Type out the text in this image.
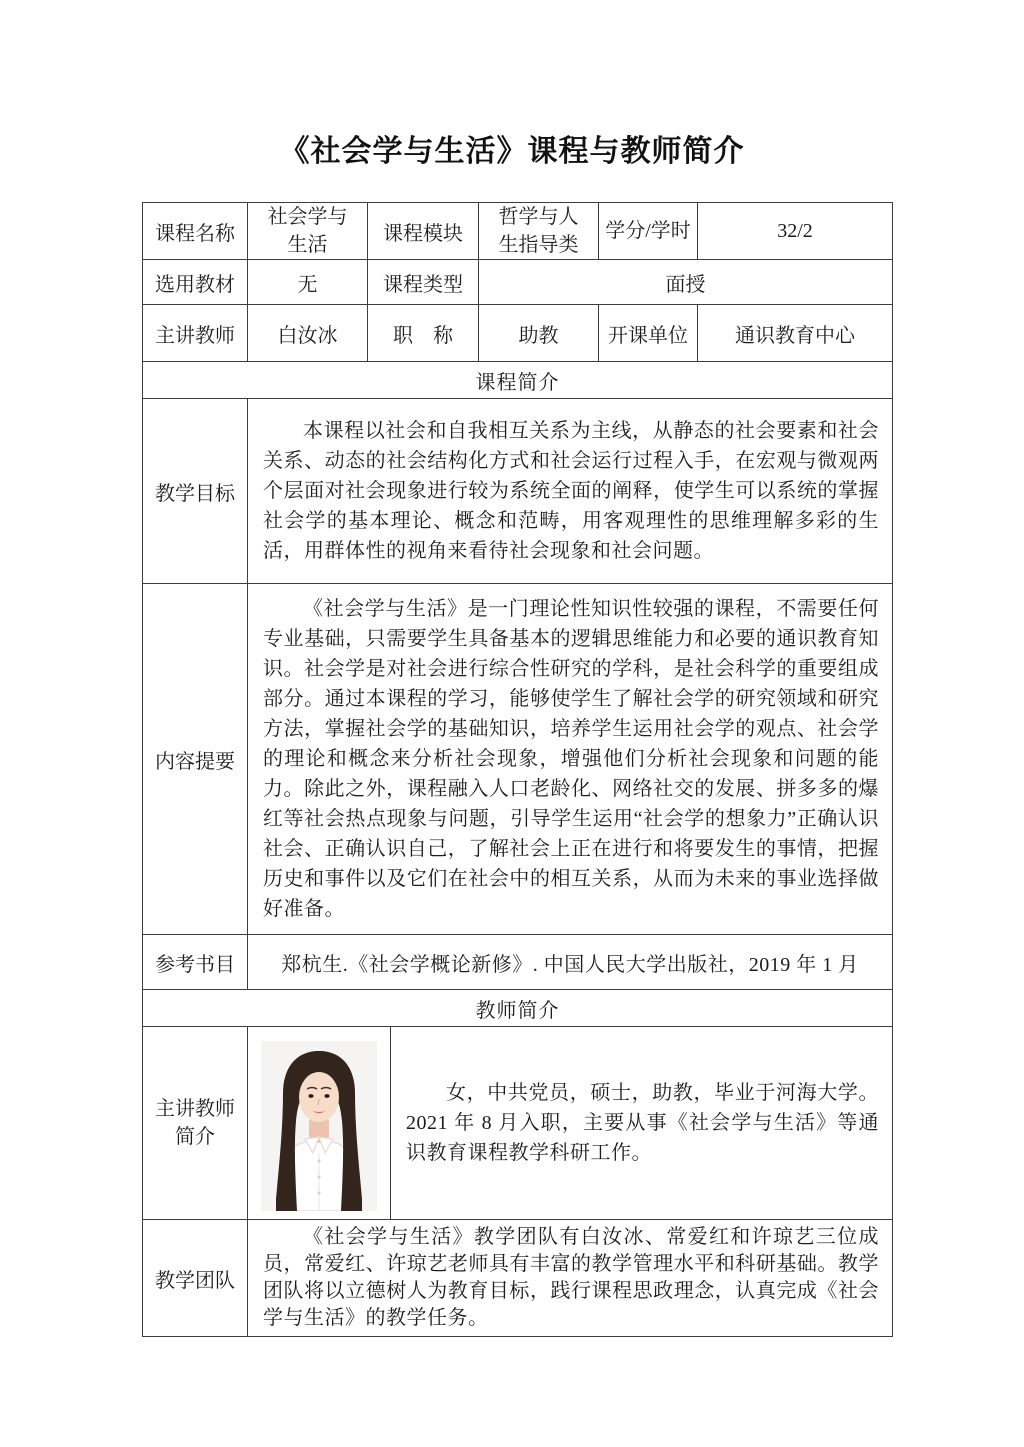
《社会学与生活》课程与教师简介
课程名称	社会学与生活	课程模块		哲学与人生指导类	学分/学时	32/2
选用教材	无	课程类型		面授		
主讲教师	白汝冰	职　称		助教	开课单位	通识教育中心
课程简介						
教学目标	本课程以社会和自我相互关系为主线，从静态的社会要素和社会关系、动态的社会结构化方式和社会运行过程入手，在宏观与微观两个层面对社会现象进行较为系统全面的阐释，使学生可以系统的掌握社会学的基本理论、概念和范畴，用客观理性的思维理解多彩的生活，用群体性的视角来看待社会现象和社会问题。					
内容提要	《社会学与生活》是一门理论性知识性较强的课程，不需要任何专业基础，只需要学生具备基本的逻辑思维能力和必要的通识教育知识。社会学是对社会进行综合性研究的学科，是社会科学的重要组成部分。通过本课程的学习，能够使学生了解社会学的研究领域和研究方法，掌握社会学的基础知识，培养学生运用社会学的观点、社会学的理论和概念来分析社会现象，增强他们分析社会现象和问题的能力。除此之外，课程融入人口老龄化、网络社交的发展、拼多多的爆红等社会热点现象与问题，引导学生运用“社会学的想象力”正确认识社会、正确认识自己，了解社会上正在进行和将要发生的事情，把握历史和事件以及它们在社会中的相互关系，从而为未来的事业选择做好准备。					
参考书目	郑杭生.《社会学概论新修》. 中国人民大学出版社，2019 年 1 月					
教师简介						
主讲教师简介			女，中共党员，硕士，助教，毕业于河海大学。2021 年 8 月入职，主要从事《社会学与生活》等通识教育课程教学科研工作。			
教学团队	《社会学与生活》教学团队有白汝冰、常爱红和许琼艺三位成员，常爱红、许琼艺老师具有丰富的教学管理水平和科研基础。教学团队将以立德树人为教育目标，践行课程思政理念，认真完成《社会学与生活》的教学任务。					
